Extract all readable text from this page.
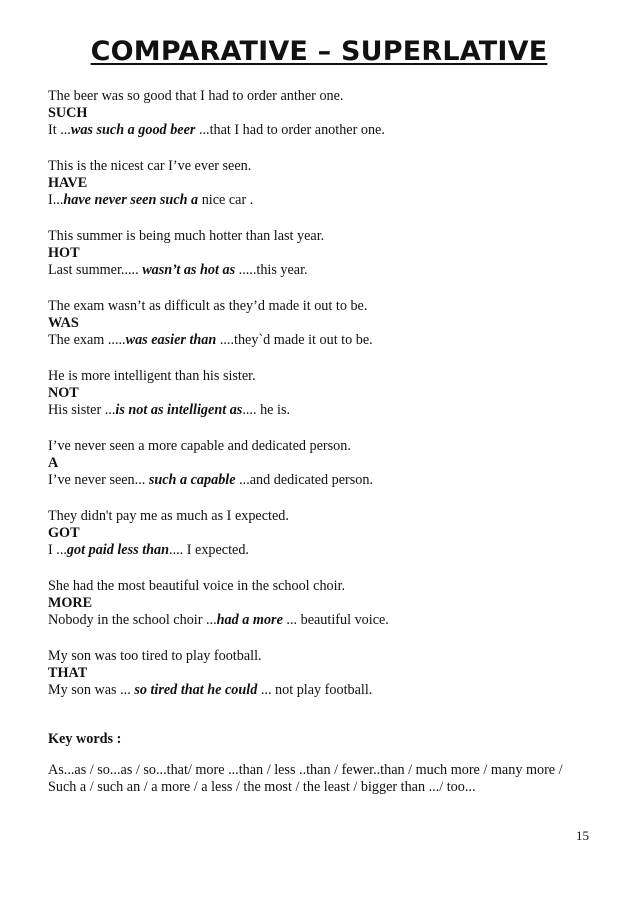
COMPARATIVE – SUPERLATIVE
The beer was so good that I had to order anther one.
SUCH
It ...was such a good beer ...that I had to order another one.
This is the nicest car I’ve ever seen.
HAVE
I...have never seen such a nice car .
This summer is being much hotter than last year.
HOT
Last summer..... wasn’t as hot as .....this year.
The exam wasn’t as difficult as they’d made it out to be.
WAS
The exam .....was easier than ....they`d made it out to be.
He is more intelligent than his sister.
NOT
His sister ...is not as intelligent as.... he is.
I’ve never seen a more capable and dedicated person.
A
I’ve never seen... such a capable ...and dedicated person.
They didn't pay me as much as I expected.
GOT
I ...got paid less than.... I expected.
She had the most beautiful voice in the school choir.
MORE
Nobody in the school choir ...had a more ... beautiful voice.
My son was too tired to play football.
THAT
My son was ... so tired that he could ... not play football.
Key words :
As...as / so...as / so...that/ more ...than / less ..than / fewer..than / much more / many more /
Such a / such an / a more / a less / the most / the least / bigger than .../ too...
15
